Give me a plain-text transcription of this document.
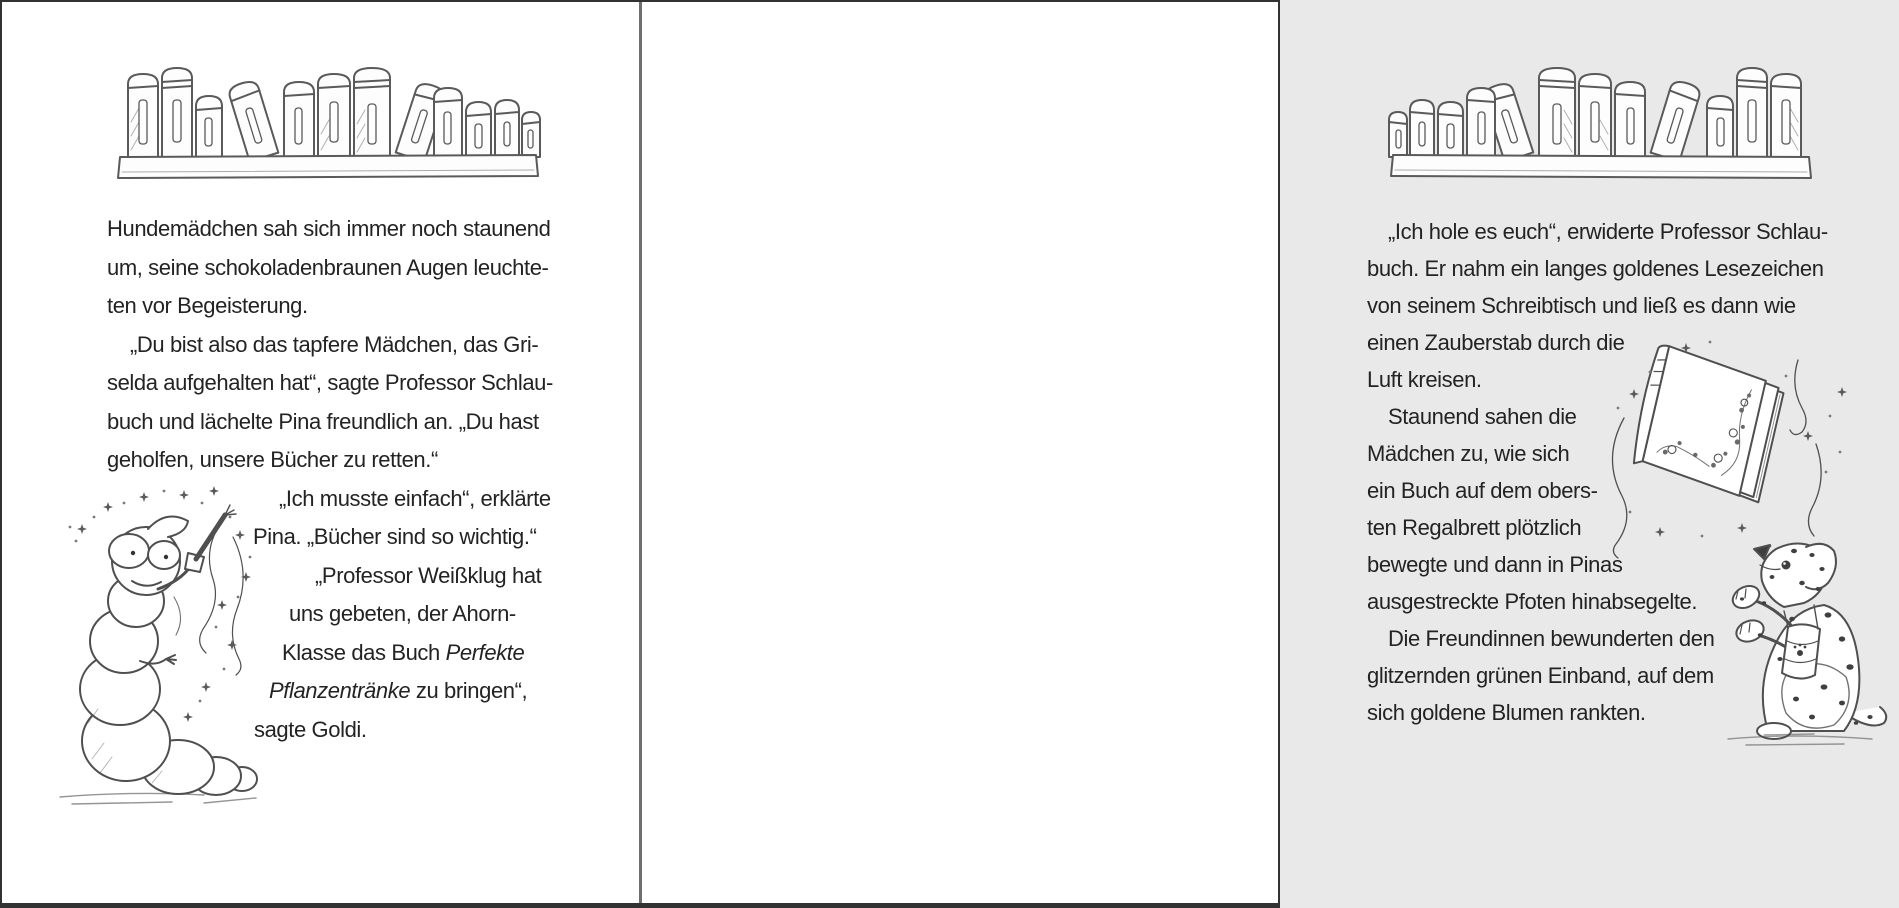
Hundemädchen sah sich immer noch staunend
um, seine schokoladenbraunen Augen leuchte-
ten vor Begeisterung.
„Du bist also das tapfere Mädchen, das Gri-
selda aufgehalten hat“, sagte Professor Schlau-
buch und lächelte Pina freundlich an. „Du hast
geholfen, unsere Bücher zu retten.“
„Ich musste einfach“, erklärte
Pina. „Bücher sind so wichtig.“
„Professor Weißklug hat
uns gebeten, der Ahorn-
Klasse das Buch Perfekte
Pflanzentränke zu bringen“,
sagte Goldi.
„Ich hole es euch“, erwiderte Professor Schlau-
buch. Er nahm ein langes goldenes Lesezeichen
von seinem Schreibtisch und ließ es dann wie
einen Zauberstab durch die
Luft kreisen.
Staunend sahen die
Mädchen zu, wie sich
ein Buch auf dem obers-
ten Regalbrett plötzlich
bewegte und dann in Pinas
ausgestreckte Pfoten hinabsegelte.
Die Freundinnen bewunderten den
glitzernden grünen Einband, auf dem
sich goldene Blumen rankten.
